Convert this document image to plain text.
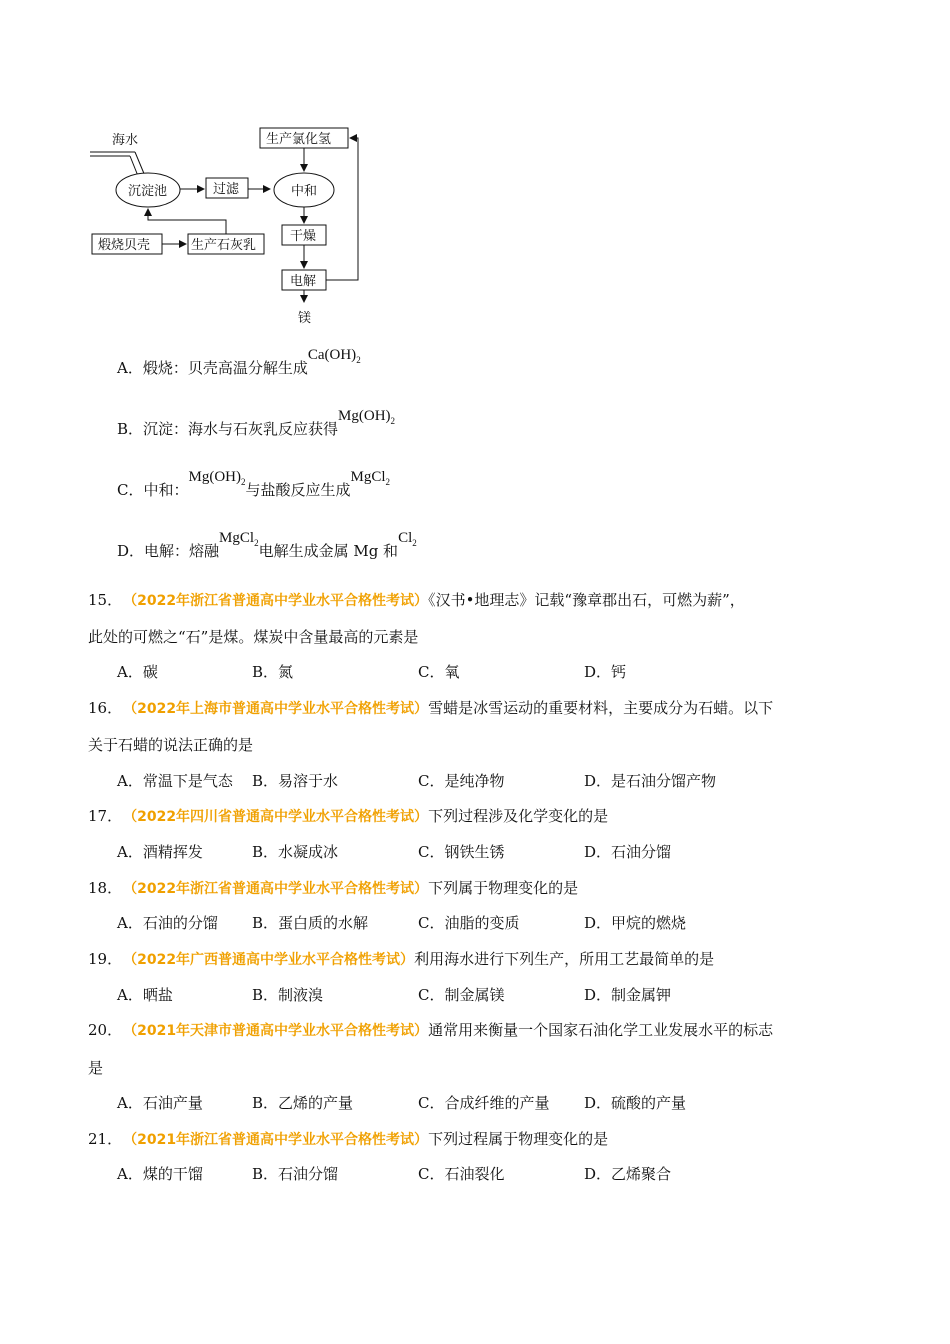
海水
沉淀池	过滤	中和
生产氯化氢
干燥
电解
镁
煅烧贝壳	生产石灰乳
A．煅烧：贝壳高温分解生成$Ca(OH)_2$
B．沉淀：海水与石灰乳反应获得$Mg(OH)_2$
C．中和：$Mg(OH)_2$与盐酸反应生成MgCl$_2$
D．电解：熔融MgCl$_2$电解生成金属 Mg 和$Cl_2$
15． （2022年浙江省普通高中学业水平合格性考试）《汉书•地理志》记载“豫章郡出石，可燃为薪”，
此处的可燃之“石”是煤。煤炭中含量最高的元素是
A．碳	B．氮	C．氧	D．钙
16． （2022年上海市普通高中学业水平合格性考试）雪蜡是冰雪运动的重要材料，主要成分为石蜡。以下
关于石蜡的说法正确的是
A．常温下是气态 B．易溶于水	C．是纯净物	D．是石油分馏产物
17． （2022年四川省普通高中学业水平合格性考试）下列过程涉及化学变化的是
A．酒精挥发	B．水凝成冰	C．钢铁生锈	D．石油分馏
18． （2022年浙江省普通高中学业水平合格性考试）下列属于物理变化的是
A．石油的分馏 B．蛋白质的水解	C．油脂的变质	D．甲烷的燃烧
19． （2022年广西普通高中学业水平合格性考试）利用海水进行下列生产，所用工艺最简单的是
A．晒盐	B．制液溴	C．制金属镁	D．制金属钾
20． （2021年天津市普通高中学业水平合格性考试）通常用来衡量一个国家石油化学工业发展水平的标志
是
A．石油产量	B．乙烯的产量	C．合成纤维的产量 D．硫酸的产量
21． （2021年浙江省普通高中学业水平合格性考试）下列过程属于物理变化的是
A．煤的干馏	B．石油分馏	C．石油裂化	D．乙烯聚合
